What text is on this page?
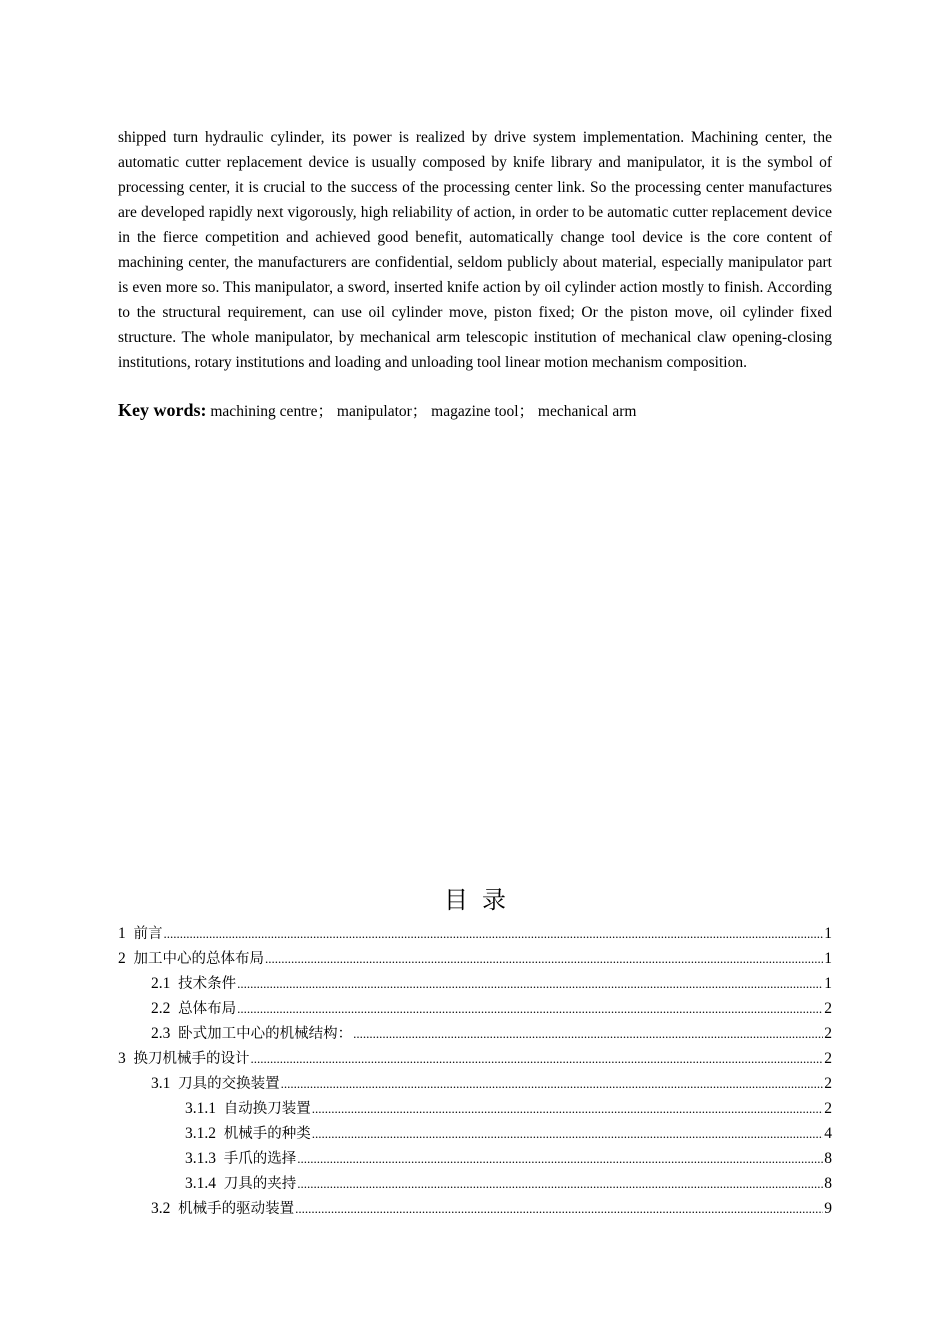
shipped turn hydraulic cylinder, its power is realized by drive system implementation. Machining center, the automatic cutter replacement device is usually composed by knife library and manipulator, it is the symbol of processing center, it is crucial to the success of the processing center link. So the processing center manufactures are developed rapidly next vigorously, high reliability of action, in order to be automatic cutter replacement device in the fierce competition and achieved good benefit, automatically change tool device is the core content of machining center, the manufacturers are confidential, seldom publicly about material, especially manipulator part is even more so. This manipulator, a sword, inserted knife action by oil cylinder action mostly to finish. According to the structural requirement, can use oil cylinder move, piston fixed; Or the piston move, oil cylinder fixed structure. The whole manipulator, by mechanical arm telescopic institution of mechanical claw opening-closing institutions, rotary institutions and loading and unloading tool linear motion mechanism composition.

Key words: machining centre； manipulator； magazine tool； mechanical arm

目录
1 前言 .....	1
2 加工中心的总体布局 .....	1
2.1 技术条件 .....	1
2.2 总体布局 .....	2
2.3 卧式加工中心的机械结构： .....	2
3 换刀机械手的设计 .....	2
3.1 刀具的交换装置 .....	2
3.1.1 自动换刀装置 .....	2
3.1.2 机械手的种类 .....	4
3.1.3 手爪的选择 .....	8
3.1.4 刀具的夹持 .....	8
3.2 机械手的驱动装置 .....	9
